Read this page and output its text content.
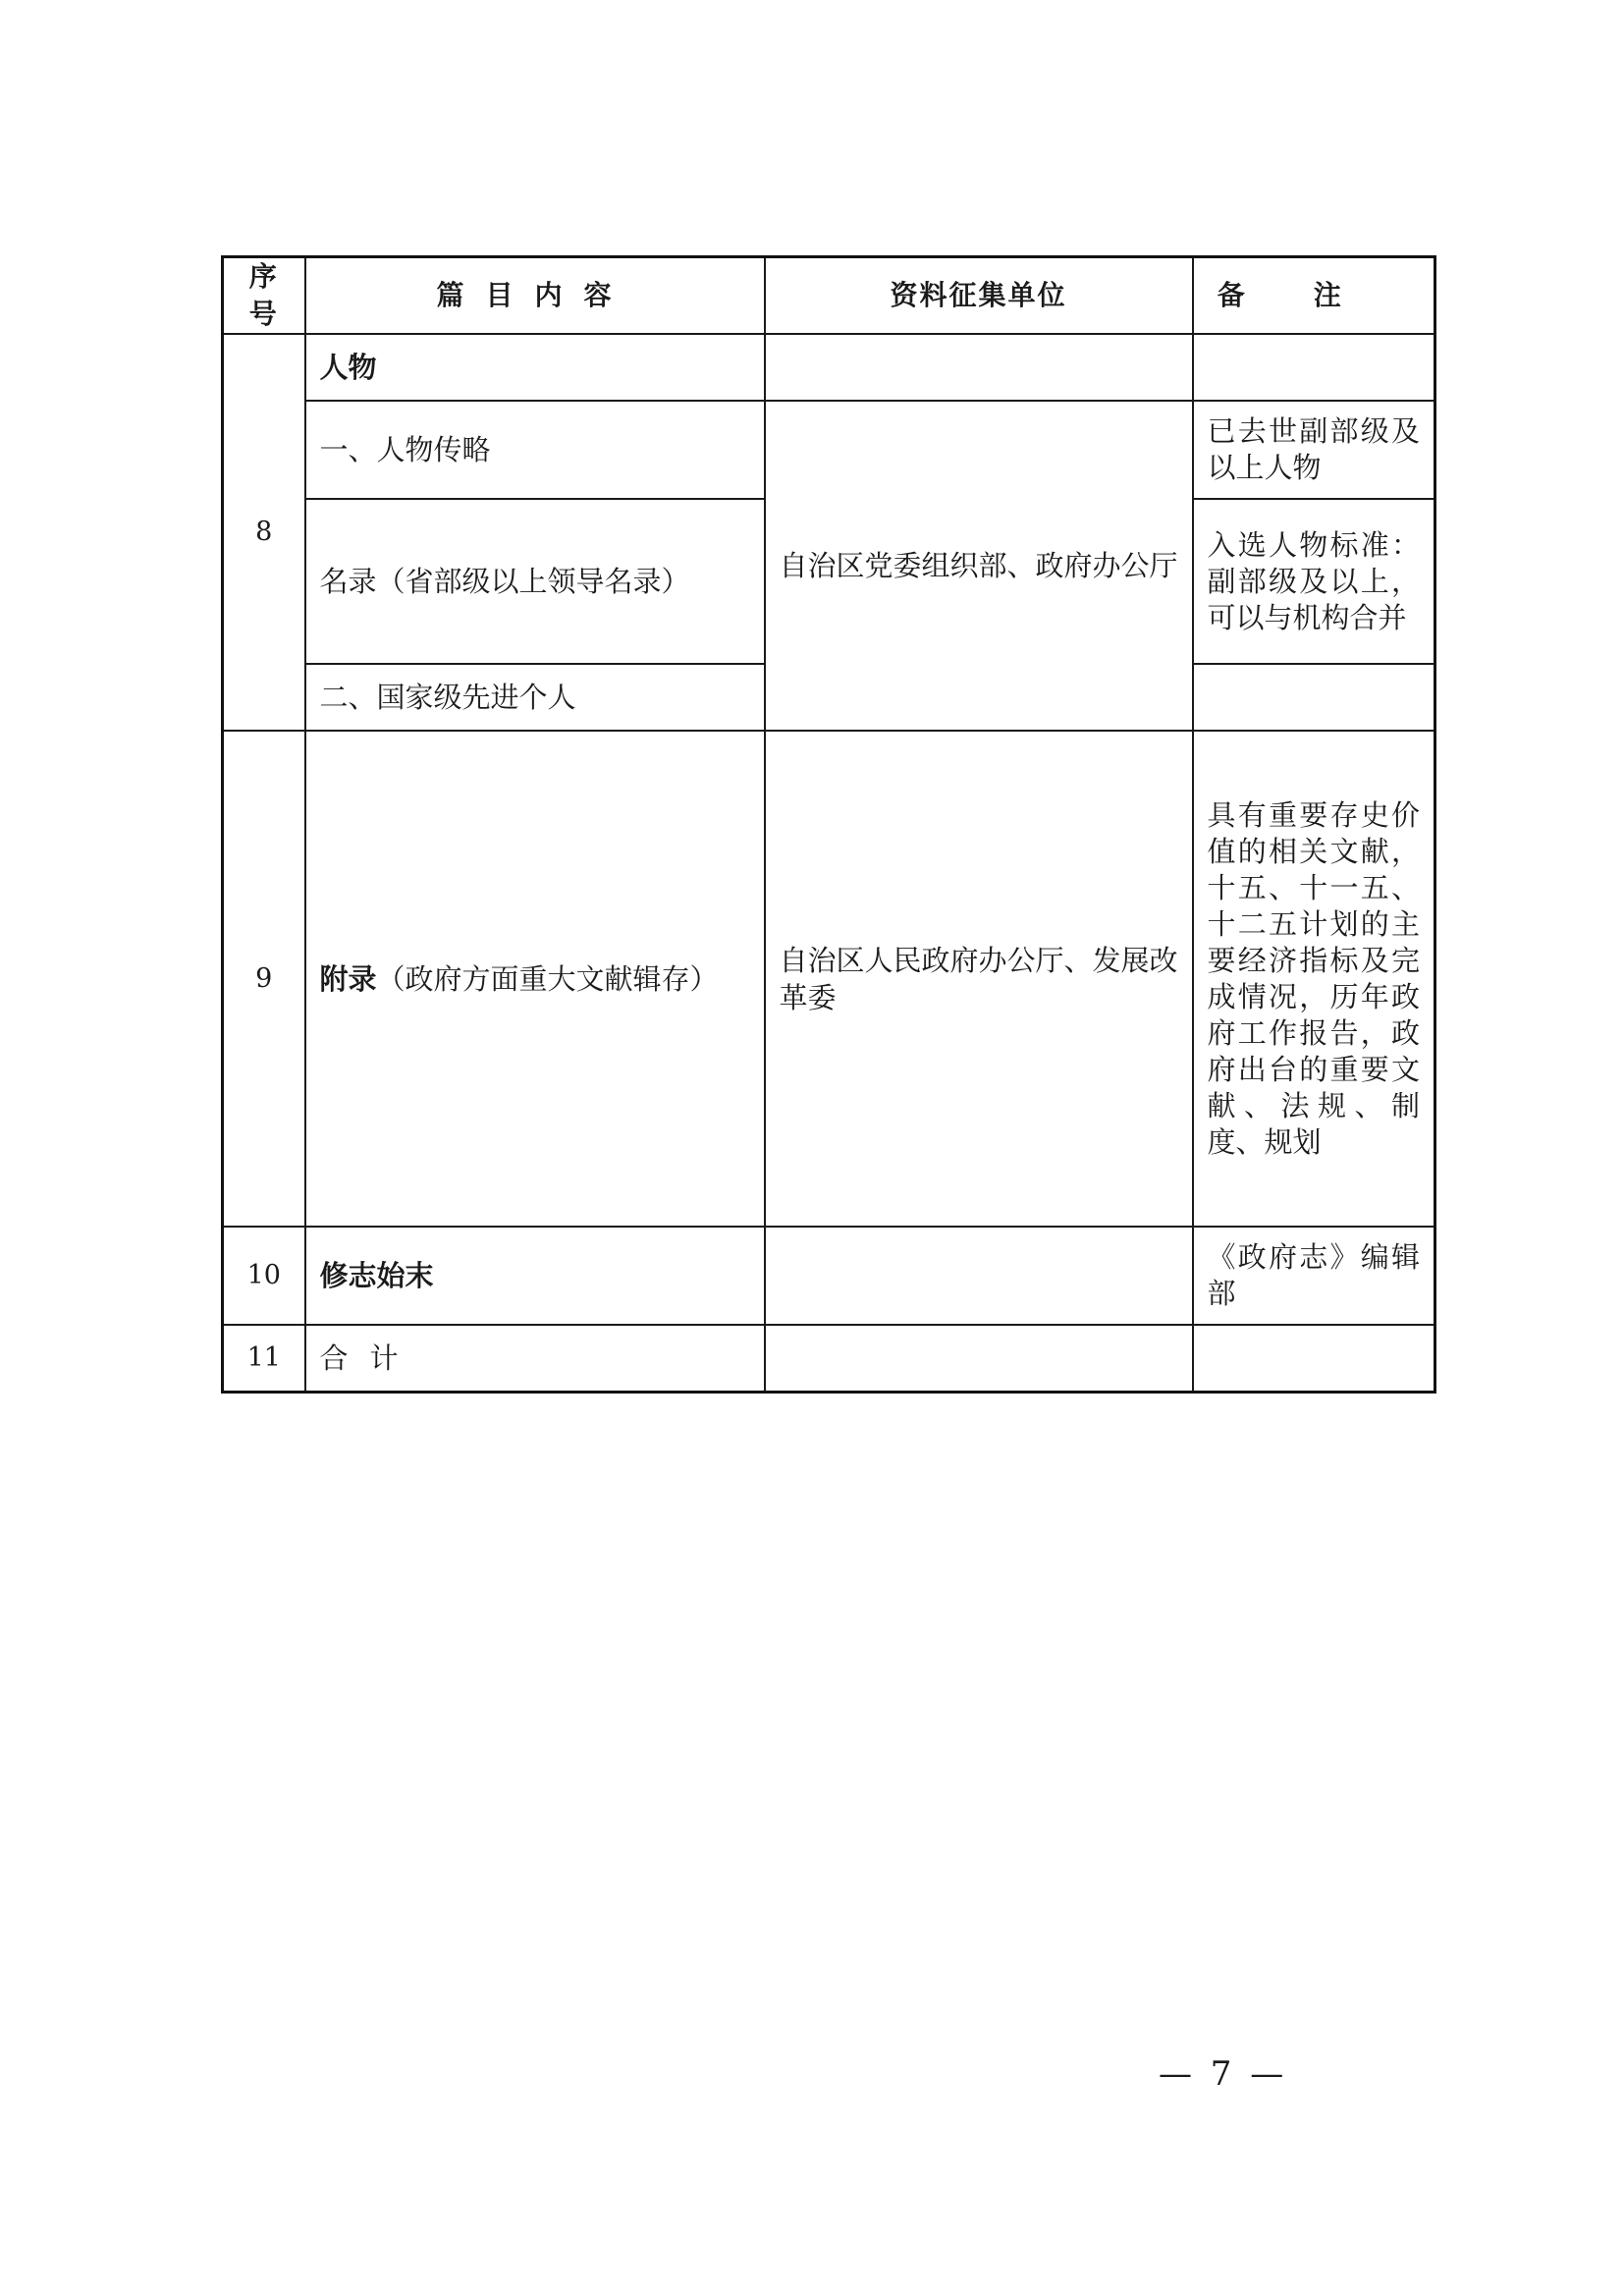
序号	篇目内容	资料征集单位	备注
8	人物		
	一、人物传略	自治区党委组织部、政府办公厅	已去世副部级及以上人物
	名录（省部级以上领导名录）		入选人物标准：副部级及以上，可以与机构合并
	二、国家级先进个人		
9	附录（政府方面重大文献辑存）	自治区人民政府办公厅、发展改革委	具有重要存史价值的相关文献，十五、十一五、十二五计划的主要经济指标及完成情况，历年政府工作报告，政府出台的重要文献、法规、制度、规划
10	修志始末		《政府志》编辑部
11	合计		
— 7 —
